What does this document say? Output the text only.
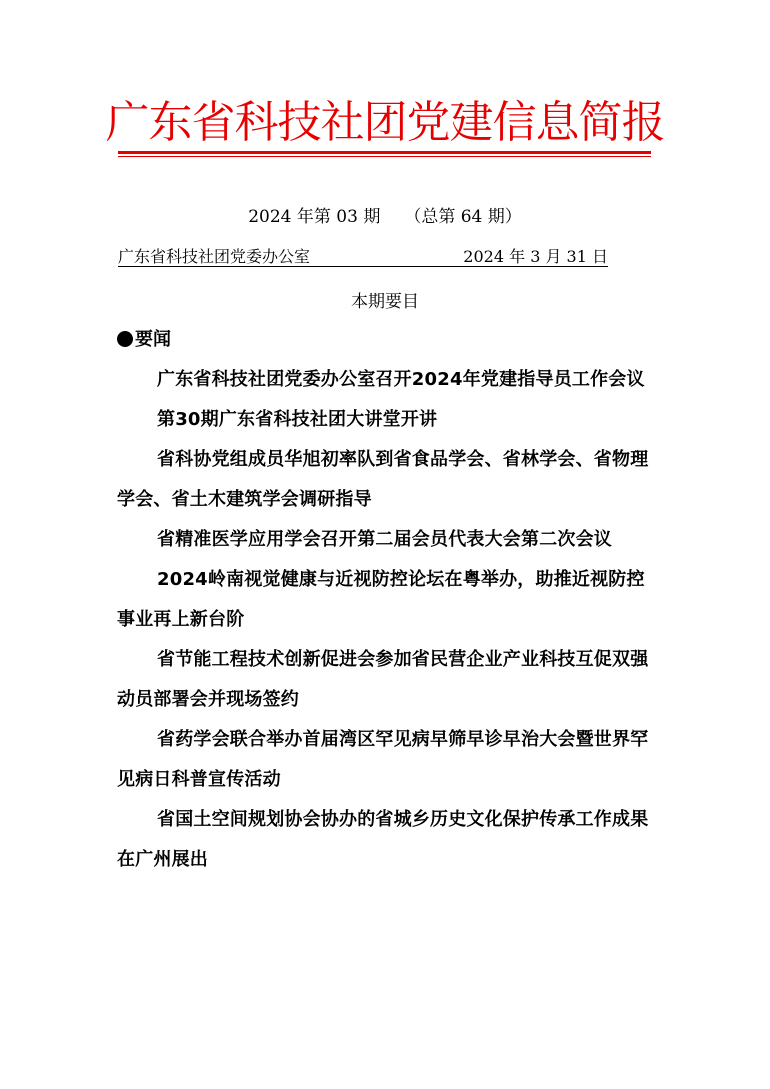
广东省科技社团党建信息简报
2024 年第 03 期 （总第 64 期）
广东省科技社团党委办公室	2024 年 3 月 31 日
本期要目
要闻
广东省科技社团党委办公室召开2024年党建指导员工作会议
第30期广东省科技社团大讲堂开讲
省科协党组成员华旭初率队到省食品学会、省林学会、省物理学会、省土木建筑学会调研指导
省精准医学应用学会召开第二届会员代表大会第二次会议
2024岭南视觉健康与近视防控论坛在粤举办，助推近视防控事业再上新台阶
省节能工程技术创新促进会参加省民营企业产业科技互促双强动员部署会并现场签约
省药学会联合举办首届湾区罕见病早筛早诊早治大会暨世界罕见病日科普宣传活动
省国土空间规划协会协办的省城乡历史文化保护传承工作成果在广州展出
